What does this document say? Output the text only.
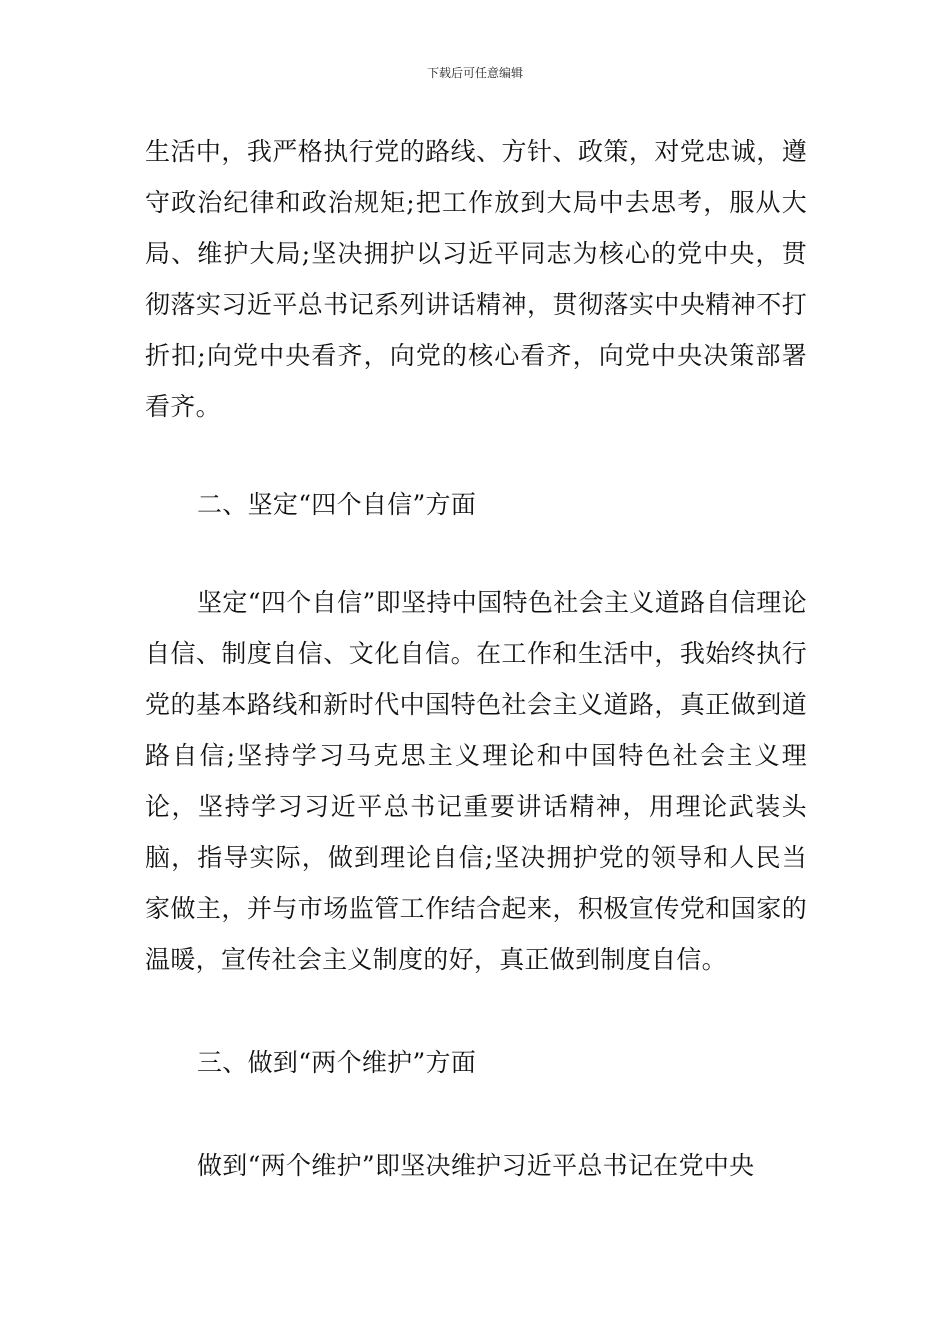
下载后可任意编辑

生活中，我严格执行党的路线、方针、政策，对党忠诚，遵守政治纪律和政治规矩;把工作放到大局中去思考，服从大局、维护大局;坚决拥护以习近平同志为核心的党中央，贯彻落实习近平总书记系列讲话精神，贯彻落实中央精神不打折扣;向党中央看齐，向党的核心看齐，向党中央决策部署看齐。

二、坚定“四个自信”方面

坚定“四个自信”即坚持中国特色社会主义道路自信理论自信、制度自信、文化自信。在工作和生活中，我始终执行党的基本路线和新时代中国特色社会主义道路，真正做到道路自信;坚持学习马克思主义理论和中国特色社会主义理论，坚持学习习近平总书记重要讲话精神，用理论武装头脑，指导实际，做到理论自信;坚决拥护党的领导和人民当家做主，并与市场监管工作结合起来，积极宣传党和国家的温暖，宣传社会主义制度的好，真正做到制度自信。

三、做到“两个维护”方面

做到“两个维护”即坚决维护习近平总书记在党中央
